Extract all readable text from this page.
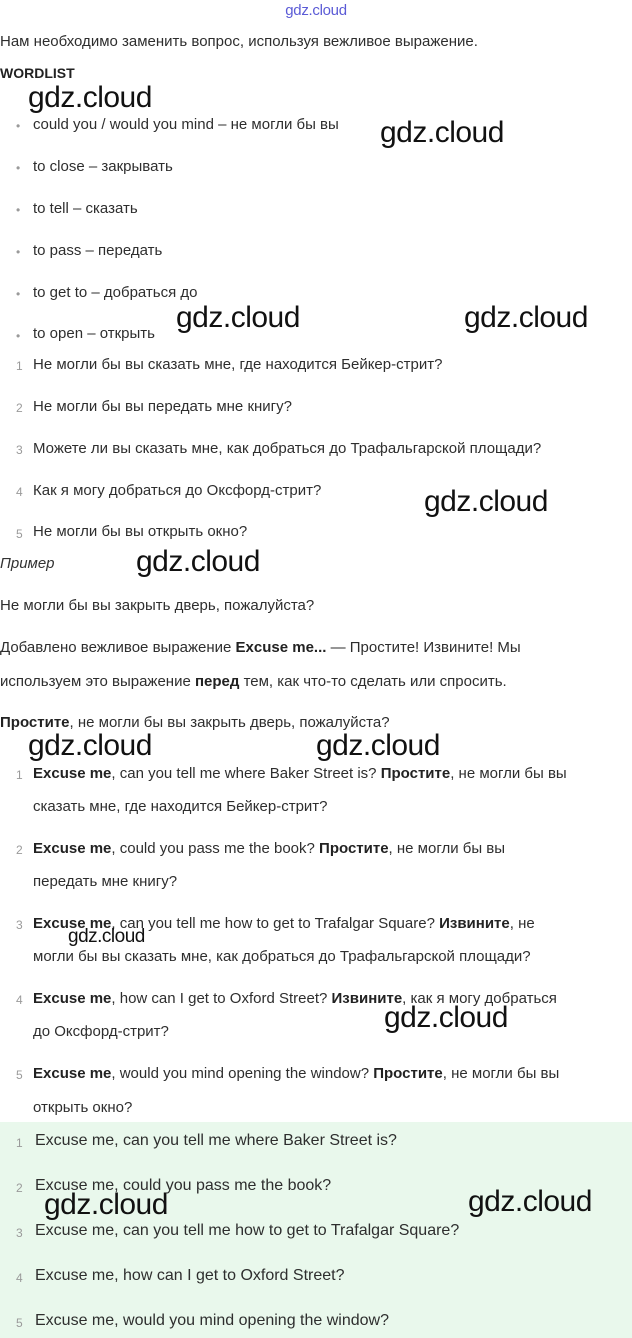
gdz.cloud
Нам необходимо заменить вопрос, используя вежливое выражение.
WORDLIST
• could you / would you mind – не могли бы вы
• to close – закрывать
• to tell – сказать
• to pass – передать
• to get to – добраться до
• to open – открыть
1 Не могли бы вы сказать мне, где находится Бейкер-стрит?
2 Не могли бы вы передать мне книгу?
3 Можете ли вы сказать мне, как добраться до Трафальгарской площади?
4 Как я могу добраться до Оксфорд-стрит?
5 Не могли бы вы открыть окно?
Пример
Не могли бы вы закрыть дверь, пожалуйста?
Добавлено вежливое выражение Excuse me... — Простите! Извините! Мы
используем это выражение перед тем, как что-то сделать или спросить.
Простите, не могли бы вы закрыть дверь, пожалуйста?
1 Excuse me, can you tell me where Baker Street is? Простите, не могли бы вы
сказать мне, где находится Бейкер-стрит?
2 Excuse me, could you pass me the book? Простите, не могли бы вы
передать мне книгу?
3 Excuse me, can you tell me how to get to Trafalgar Square? Извините, не
могли бы вы сказать мне, как добраться до Трафальгарской площади?
4 Excuse me, how can I get to Oxford Street? Извините, как я могу добраться
до Оксфорд-стрит?
5 Excuse me, would you mind opening the window? Простите, не могли бы вы
открыть окно?
1 Excuse me, can you tell me where Baker Street is?
2 Excuse me, could you pass me the book?
3 Excuse me, can you tell me how to get to Trafalgar Square?
4 Excuse me, how can I get to Oxford Street?
5 Excuse me, would you mind opening the window?
gdz.cloud
gdz.cloud
gdz.cloud	gdz.cloud
gdz.cloud
gdz.cloud
gdz.cloud	gdz.cloud
gdz.cloud
gdz.cloud
gdz.cloud	gdz.cloud
